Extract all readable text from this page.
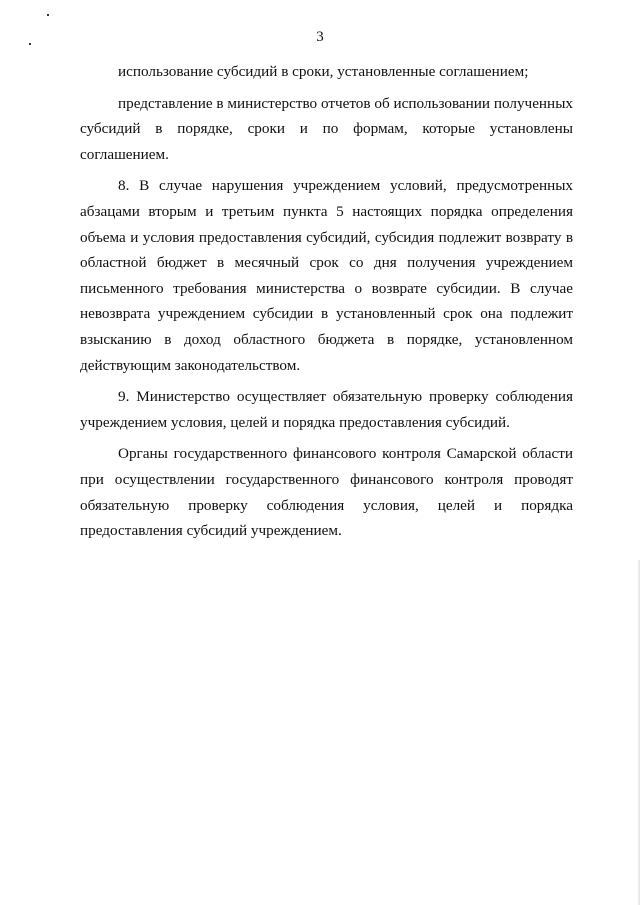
3

использование субсидий в сроки, установленные соглашением;

представление в министерство отчетов об использовании полученных субсидий в порядке, сроки и по формам, которые установлены соглашением.

8. В случае нарушения учреждением условий, предусмотренных абзацами вторым и третьим пункта 5 настоящих порядка определения объема и условия предоставления субсидий, субсидия подлежит возврату в областной бюджет в месячный срок со дня получения учреждением письменного требования министерства о возврате субсидии. В случае невозврата учреждением субсидии в установленный срок она подлежит взысканию в доход областного бюджета в порядке, установленном действующим законодательством.

9. Министерство осуществляет обязательную проверку соблюдения учреждением условия, целей и порядка предоставления субсидий.

Органы государственного финансового контроля Самарской области при осуществлении государственного финансового контроля проводят обязательную проверку соблюдения условия, целей и порядка предоставления субсидий учреждением.
